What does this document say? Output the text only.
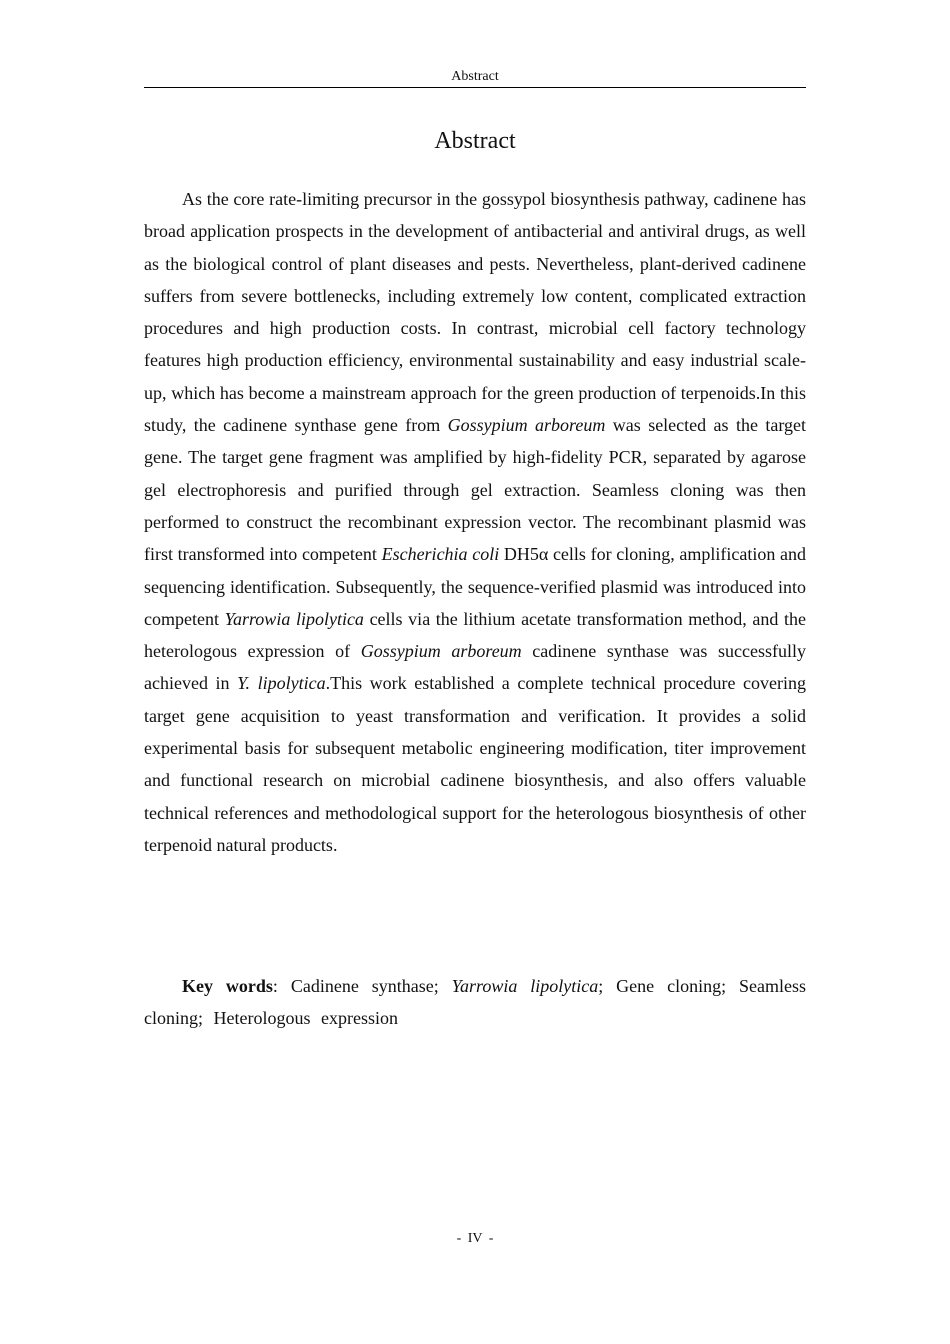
Abstract
Abstract

As the core rate-limiting precursor in the gossypol biosynthesis pathway, cadinene has broad application prospects in the development of antibacterial and antiviral drugs, as well as the biological control of plant diseases and pests. Nevertheless, plant-derived cadinene suffers from severe bottlenecks, including extremely low content, complicated extraction procedures and high production costs. In contrast, microbial cell factory technology features high production efficiency, environmental sustainability and easy industrial scale-up, which has become a mainstream approach for the green production of terpenoids.In this study, the cadinene synthase gene from Gossypium arboreum was selected as the target gene. The target gene fragment was amplified by high-fidelity PCR, separated by agarose gel electrophoresis and purified through gel extraction. Seamless cloning was then performed to construct the recombinant expression vector. The recombinant plasmid was first transformed into competent Escherichia coli DH5α cells for cloning, amplification and sequencing identification. Subsequently, the sequence-verified plasmid was introduced into competent Yarrowia lipolytica cells via the lithium acetate transformation method, and the heterologous expression of Gossypium arboreum cadinene synthase was successfully achieved in Y. lipolytica.This work established a complete technical procedure covering target gene acquisition to yeast transformation and verification. It provides a solid experimental basis for subsequent metabolic engineering modification, titer improvement and functional research on microbial cadinene biosynthesis, and also offers valuable technical references and methodological support for the heterologous biosynthesis of other terpenoid natural products.

Key words: Cadinene synthase; Yarrowia lipolytica; Gene cloning; Seamless cloning; Heterologous expression

- IV -
